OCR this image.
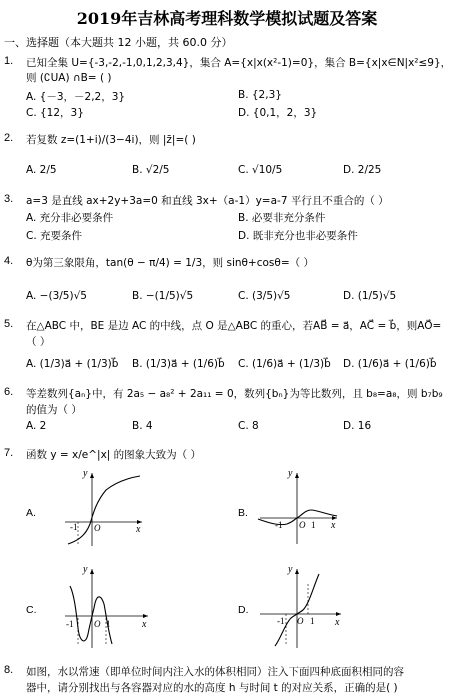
2019年吉林高考理科数学模拟试题及答案
一、选择题（本大题共 12 小题，共 60.0 分）
1. 已知全集 U={-3,-2,-1,0,1,2,3,4}，集合 A={x|x(x²-1)=0}，集合 B={x|x∈N|x²≤9}，
则 (∁UA) ∩B= ( )
A. {－3，－2,2，3}	B. {2,3}
C. {12，3}	D. {0,1，2，3}
2. 若复数 z=(1+i)/(3−4i)，则 |z̄|=( )
A. 2/5	B. √2/5	C. √10/5	D. 2/25
3. a=3 是直线 ax+2y+3a=0 和直线 3x+（a-1）y=a-7 平行且不重合的（ ）
A. 充分非必要条件	B. 必要非充分条件
C. 充要条件	D. 既非充分也非必要条件
4. θ为第三象限角，tan(θ − π/4) = 1/3，则 sinθ+cosθ=（ ）
A. −(3/5)√5	B. −(1/5)√5	C. (3/5)√5	D. (1/5)√5
5. 在△ABC 中，BE 是边 AC 的中线，点 O 是△ABC 的重心，若AB⃗ = a⃗，AC⃗ = b⃗，则AO⃗=
（ ）
A. (1/3)a⃗ + (1/3)b⃗ B. (1/3)a⃗ + (1/6)b⃗ C. (1/6)a⃗ + (1/3)b⃗ D. (1/6)a⃗ + (1/6)b⃗
6. 等差数列{aₙ}中，有 2a₅ − a₈² + 2a₁₁ = 0，数列{bₙ}为等比数列，且 b₈=a₈，则 b₇b₉
的值为（ ）
A. 2	B. 4	C. 8	D. 16
7. 函数 y = x/e^|x| 的图象大致为（ ）
A.	B.
C.	D.
y
x
-1 O
y
x
-1 O 1
y
x
-1 O 1
y
x
-1 O 1
8. 如图，水以常速（即单位时间内注入水的体积相同）注入下面四种底面积相同的容
器中，请分别找出与各容器对应的水的高度 h 与时间 t 的对应关系，正确的是( )
